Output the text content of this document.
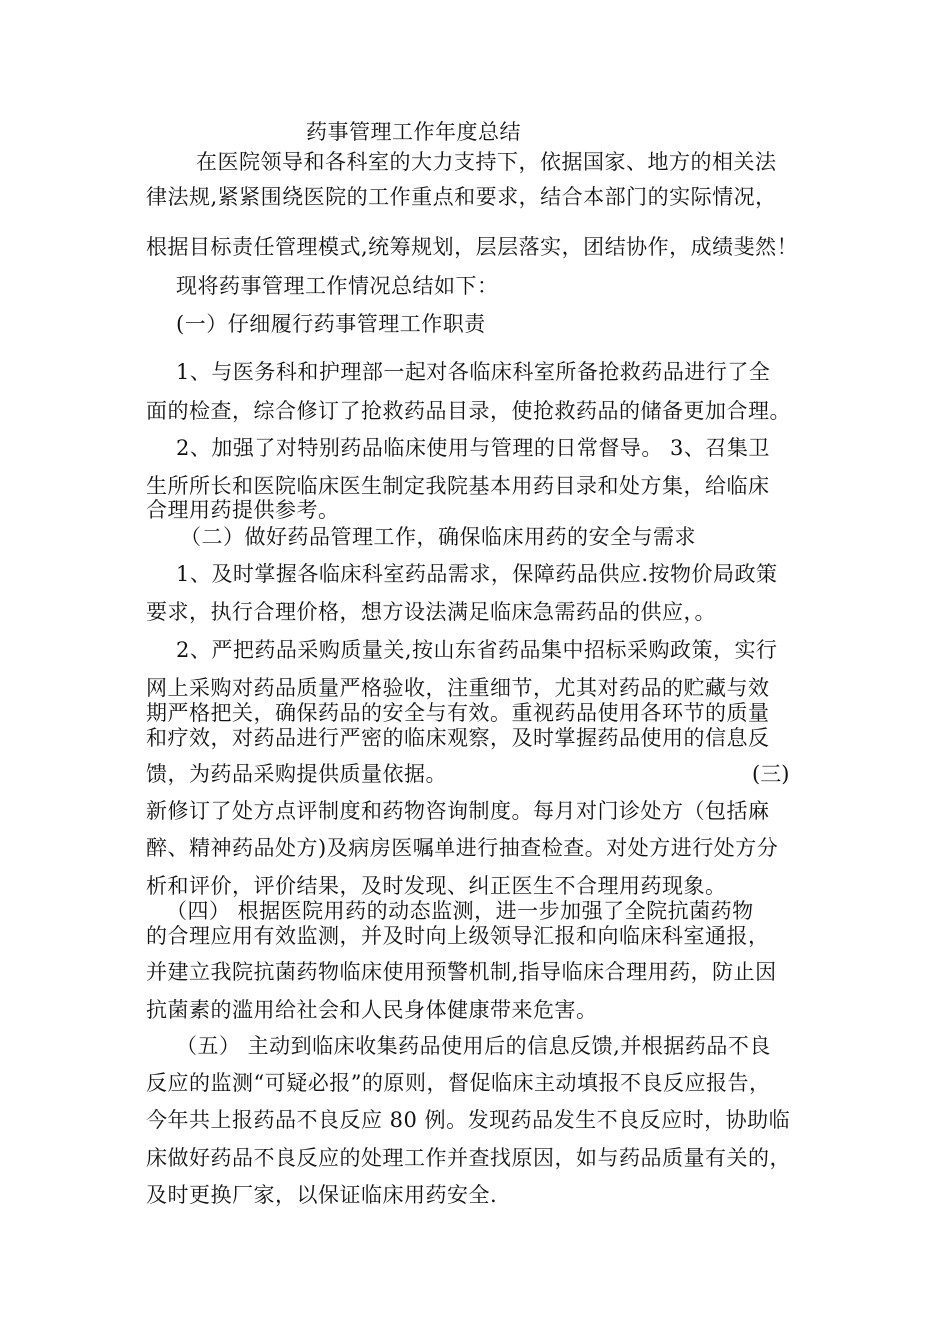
药事管理工作年度总结
在医院领导和各科室的大力支持下，依据国家、地方的相关法
律法规,紧紧围绕医院的工作重点和要求，结合本部门的实际情况，
根据目标责任管理模式,统筹规划，层层落实，团结协作，成绩斐然！
现将药事管理工作情况总结如下：
(一）仔细履行药事管理工作职责
1、与医务科和护理部一起对各临床科室所备抢救药品进行了全
面的检查，综合修订了抢救药品目录，使抢救药品的储备更加合理。
2、加强了对特别药品临床使用与管理的日常督导。 3、召集卫
生所所长和医院临床医生制定我院基本用药目录和处方集，给临床
合理用药提供参考。
（二）做好药品管理工作，确保临床用药的安全与需求
1、及时掌握各临床科室药品需求，保障药品供应.按物价局政策
要求，执行合理价格，想方设法满足临床急需药品的供应，。
2、严把药品采购质量关,按山东省药品集中招标采购政策，实行
网上采购对药品质量严格验收，注重细节，尤其对药品的贮藏与效
期严格把关，确保药品的安全与有效。重视药品使用各环节的质量
和疗效，对药品进行严密的临床观察，及时掌握药品使用的信息反
馈，为药品采购提供质量依据。	(三)
新修订了处方点评制度和药物咨询制度。每月对门诊处方（包括麻
醉、精神药品处方)及病房医嘱单进行抽查检查。对处方进行处方分
析和评价，评价结果，及时发现、纠正医生不合理用药现象。
（四） 根据医院用药的动态监测，进一步加强了全院抗菌药物
的合理应用有效监测，并及时向上级领导汇报和向临床科室通报，
并建立我院抗菌药物临床使用预警机制,指导临床合理用药，防止因
抗菌素的滥用给社会和人民身体健康带来危害。
（五） 主动到临床收集药品使用后的信息反馈,并根据药品不良
反应的监测“可疑必报”的原则，督促临床主动填报不良反应报告，
今年共上报药品不良反应 80 例。发现药品发生不良反应时，协助临
床做好药品不良反应的处理工作并查找原因，如与药品质量有关的，
及时更换厂家，以保证临床用药安全.
